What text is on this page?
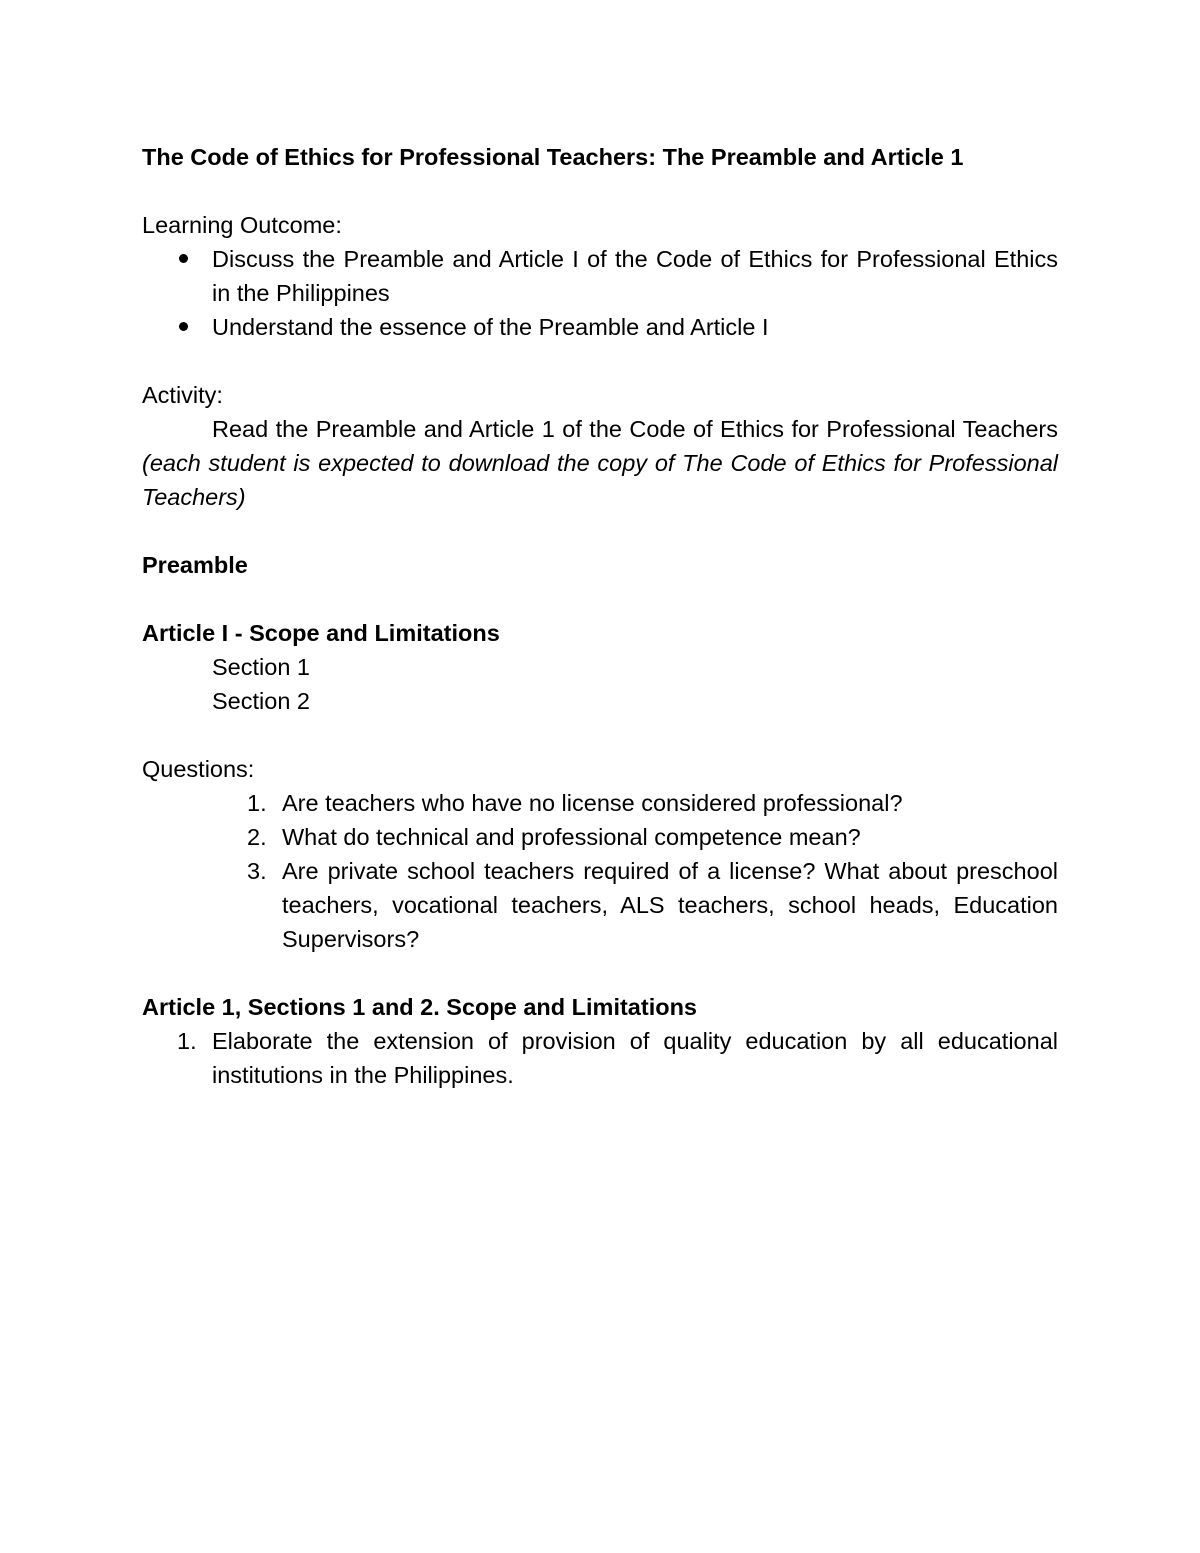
The Code of Ethics for Professional Teachers: The Preamble and Article 1

Learning Outcome:

Discuss the Preamble and Article I of the Code of Ethics for Professional Ethics in the Philippines
Understand the essence of the Preamble and Article I

Activity:

Read the Preamble and Article 1 of the Code of Ethics for Professional Teachers (each student is expected to download the copy of The Code of Ethics for Professional Teachers)

Preamble

Article I - Scope and Limitations

Section 1

Section 2

Questions:

1. Are teachers who have no license considered professional?
2. What do technical and professional competence mean?
3. Are private school teachers required of a license? What about preschool teachers, vocational teachers, ALS teachers, school heads, Education Supervisors?

Article 1, Sections 1 and 2. Scope and Limitations

1. Elaborate the extension of provision of quality education by all educational institutions in the Philippines.
